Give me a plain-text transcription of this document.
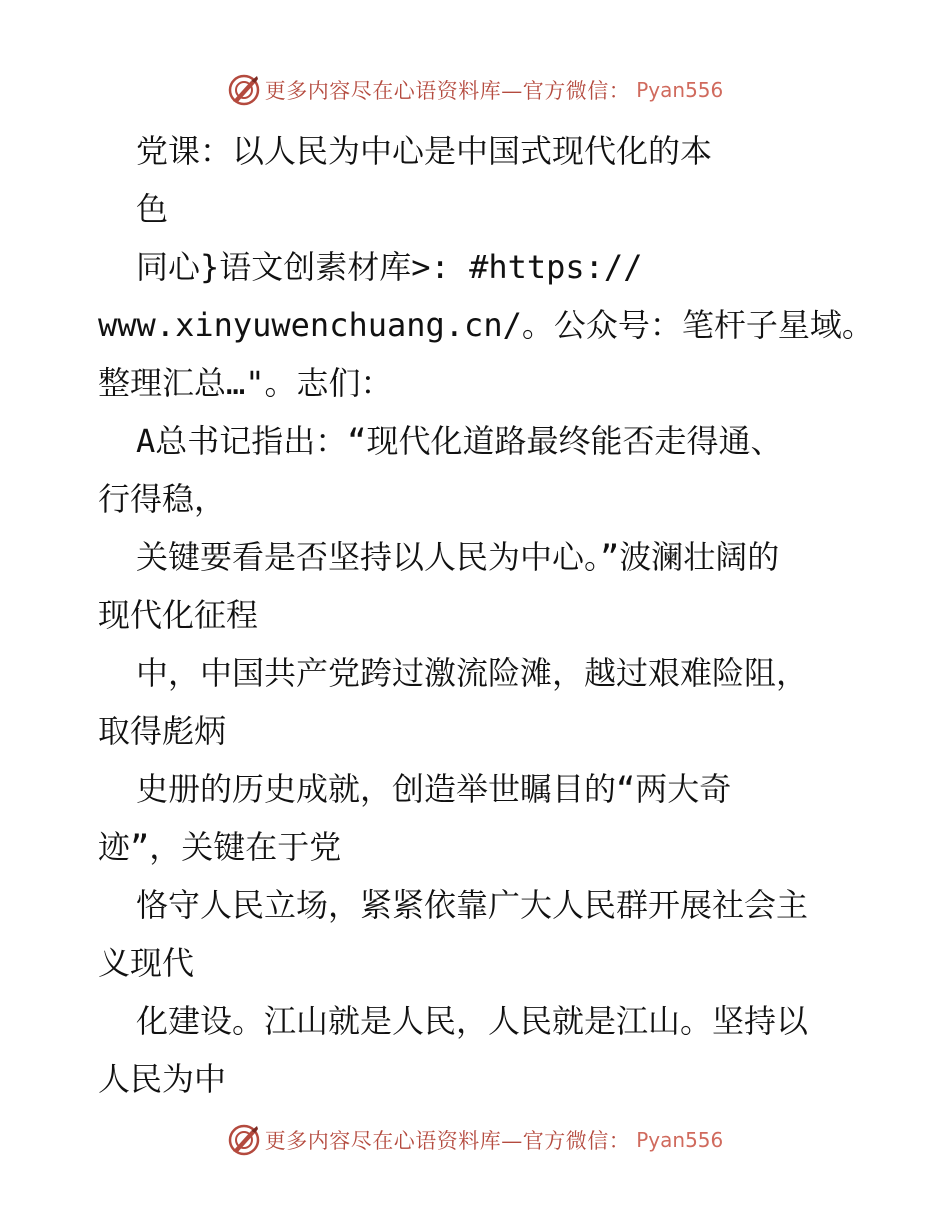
更多内容尽在心语资料库—官方微信： Pyan556
党课：以人民为中心是中国式现代化的本
色
同心}语文创素材库>: #https://
www.xinyuwenchuang.cn/。公众号：笔杆子星域。
整理汇总…"。志们：
A总书记指出：“现代化道路最终能否走得通、
行得稳，
关键要看是否坚持以人民为中心。”波澜壮阔的
现代化征程
中，中国共产党跨过激流险滩，越过艰难险阻，
取得彪炳
史册的历史成就，创造举世瞩目的“两大奇
迹”，关键在于党
恪守人民立场，紧紧依靠广大人民群开展社会主
义现代
化建设。江山就是人民，人民就是江山。坚持以
人民为中
更多内容尽在心语资料库—官方微信： Pyan556
